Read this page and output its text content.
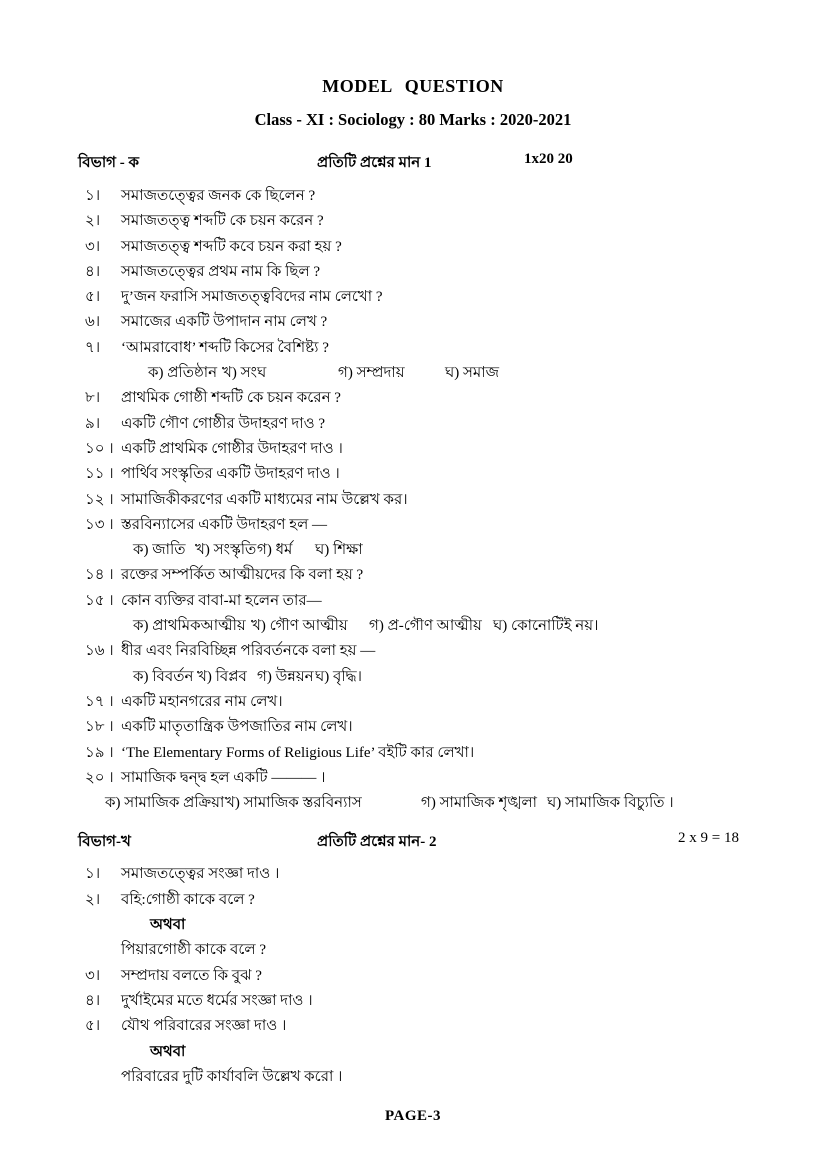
MODEL QUESTION
Class - XI : Sociology : 80 Marks : 2020-2021
বিভাগ - ক	প্রতিটি প্রশ্নের মান 1	1x20 20
১। সমাজতত্ত্বের জনক কে ছিলেন ?
২। সমাজতত্ত্ব শব্দটি কে চয়ন করেন ?
৩। সমাজতত্ত্ব শব্দটি কবে চয়ন করা হয় ?
৪। সমাজতত্ত্বের প্রথম নাম কি ছিল ?
৫। দু’জন ফরাসি সমাজতত্ত্ববিদের নাম লেখো ?
৬। সমাজের একটি উপাদান নাম লেখ ?
৭। ‘আমরাবোধ’ শব্দটি কিসের বৈশিষ্ট্য ?
ক) প্রতিষ্ঠান খ) সংঘ	গ) সম্প্রদায়	ঘ) সমাজ
৮। প্রাথমিক গোষ্ঠী শব্দটি কে চয়ন করেন ?
৯। একটি গৌণ গোষ্ঠীর উদাহরণ দাও ?
১০ । একটি প্রাথমিক গোষ্ঠীর উদাহরণ দাও ।
১১ । পার্থিব সংস্কৃতির একটি উদাহরণ দাও ।
১২ । সামাজিকীকরণের একটি মাধ্যমের নাম উল্লেখ কর।
১৩ । স্তরবিন্যাসের একটি উদাহরণ হল —
ক) জাতি খ) সংস্কৃতিগ) ধর্ম ঘ) শিক্ষা
১৪ । রক্তের সম্পর্কিত আত্মীয়দের কি বলা হয় ?
১৫ । কোন ব্যক্তির বাবা-মা হলেন তার—
ক) প্রাথমিকআত্মীয় খ) গৌণ আত্মীয় গ) প্র-গৌণ আত্মীয় ঘ) কোনোটিই নয়।
১৬ । ধীর এবং নিরবিচ্ছিন্ন পরিবর্তনকে বলা হয় —
ক) বিবর্তন খ) বিপ্লব গ) উন্নয়নঘ) বৃদ্ধি।
১৭ । একটি মহানগরের নাম লেখ।
১৮ । একটি মাতৃতান্ত্রিক উপজাতির নাম লেখ।
১৯ । ‘The Elementary Forms of Religious Life’ বইটি কার লেখা।
২০ । সামাজিক দ্বন্দ্ব হল একটি ——— ।
ক) সামাজিক প্রক্রিয়াখ) সামাজিক স্তরবিন্যাস	গ) সামাজিক শৃঙ্খলা ঘ) সামাজিক বিচ্যুতি ।
বিভাগ-খ	প্রতিটি প্রশ্নের মান- 2	2 x 9 = 18
১। সমাজতত্ত্বের সংজ্ঞা দাও ।
২। বহি:গোষ্ঠী কাকে বলে ?
অথবা
পিয়ারগোষ্ঠী কাকে বলে ?
৩। সম্প্রদায় বলতে কি বুঝ ?
৪। দুর্খাইমের মতে ধর্মের সংজ্ঞা দাও ।
৫। যৌথ পরিবারের সংজ্ঞা দাও ।
অথবা
পরিবারের দুটি কার্যাবলি উল্লেখ করো ।
PAGE-3
